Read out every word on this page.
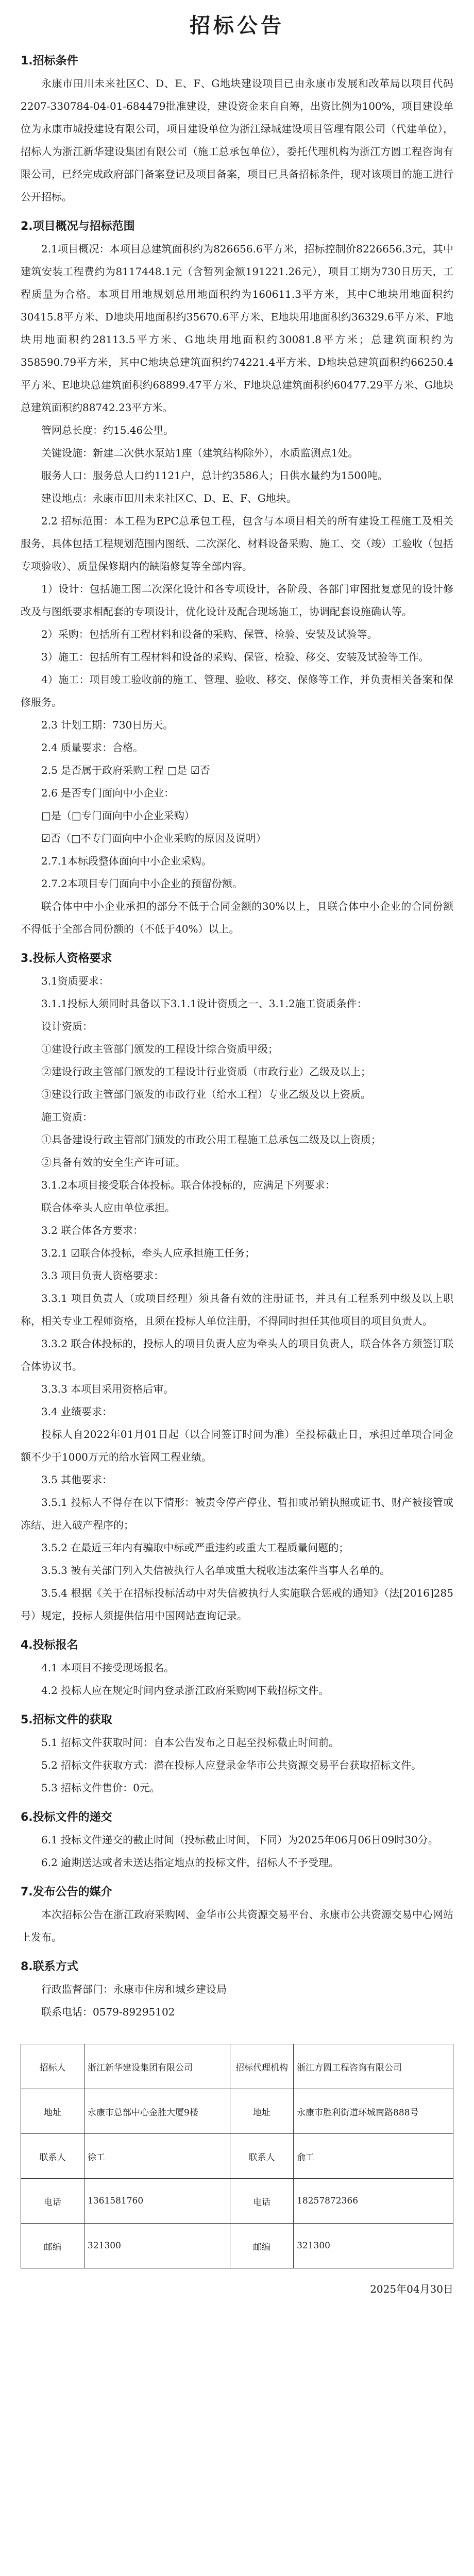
招标公告
1.招标条件

永康市田川未来社区C、D、E、F、G地块建设项目已由永康市发展和改革局以项目代码2207-330784-04-01-684479批准建设，建设资金来自自筹，出资比例为100%，项目建设单位为永康市城投建设有限公司，项目建设单位为浙江绿城建设项目管理有限公司（代建单位），招标人为浙江新华建设集团有限公司（施工总承包单位），委托代理机构为浙江方圆工程咨询有限公司，已经完成政府部门备案登记及项目备案，项目已具备招标条件，现对该项目的施工进行公开招标。

2.项目概况与招标范围

2.1项目概况：本项目总建筑面积约为826656.6平方米，招标控制价8226656.3元，其中建筑安装工程费约为8117448.1元（含暂列金额191221.26元），项目工期为730日历天，工程质量为合格。本项目用地规划总用地面积约为160611.3平方米，其中C地块用地面积约30415.8平方米、D地块用地面积约35670.6平方米、E地块用地面积约36329.6平方米、F地块用地面积约28113.5平方米、G地块用地面积约30081.8平方米；总建筑面积约为358590.79平方米，其中C地块总建筑面积约74221.4平方米、D地块总建筑面积约66250.4平方米、E地块总建筑面积约68899.47平方米、F地块总建筑面积约60477.29平方米、G地块总建筑面积约88742.23平方米。

管网总长度：约15.46公里。

关键设施：新建二次供水泵站1座（建筑结构除外），水质监测点1处。

服务人口：服务总人口约1121户，总计约3586人；日供水量约为1500吨。

建设地点：永康市田川未来社区C、D、E、F、G地块。

2.2 招标范围：本工程为EPC总承包工程，包含与本项目相关的所有建设工程施工及相关服务，具体包括工程规划范围内图纸、二次深化、材料设备采购、施工、交（竣）工验收（包括专项验收）、质量保修期内的缺陷修复等全部内容。

1）设计：包括施工图二次深化设计和各专项设计，各阶段、各部门审图批复意见的设计修改及与图纸要求相配套的专项设计，优化设计及配合现场施工，协调配套设施确认等。

2）采购：包括所有工程材料和设备的采购、保管、检验、安装及试验等。

3）施工：包括所有工程材料和设备的采购、保管、检验、移交、安装及试验等工作。

4）施工：项目竣工验收前的施工、管理、验收、移交、保修等工作，并负责相关备案和保修服务。

2.3 计划工期：730日历天。

2.4 质量要求：合格。

2.5 是否属于政府采购工程 □是 ☑否

2.6 是否专门面向中小企业：

□是（□专门面向中小企业采购）

☑否（□不专门面向中小企业采购的原因及说明）

2.7.1本标段整体面向中小企业采购。

2.7.2本项目专门面向中小企业的预留份额。

联合体中中小企业承担的部分不低于合同金额的30%以上，且联合体中小企业的合同份额不得低于全部合同份额的（不低于40%）以上。

3.投标人资格要求

3.1资质要求：

3.1.1投标人须同时具备以下3.1.1设计资质之一、3.1.2施工资质条件：

设计资质：

①建设行政主管部门颁发的工程设计综合资质甲级；

②建设行政主管部门颁发的工程设计行业资质（市政行业）乙级及以上；

③建设行政主管部门颁发的市政行业（给水工程）专业乙级及以上资质。

施工资质：

①具备建设行政主管部门颁发的市政公用工程施工总承包二级及以上资质；

②具备有效的安全生产许可证。

3.1.2本项目接受联合体投标。联合体投标的，应满足下列要求：

联合体牵头人应由单位承担。

3.2 联合体各方要求：

3.2.1 ☑联合体投标，牵头人应承担施工任务；

3.3 项目负责人资格要求：

3.3.1 项目负责人（或项目经理）须具备有效的注册证书，并具有工程系列中级及以上职称，相关专业工程师资格，且须在投标人单位注册，不得同时担任其他项目的项目负责人。

3.3.2 联合体投标的，投标人的项目负责人应为牵头人的项目负责人，联合体各方须签订联合体协议书。

3.3.3 本项目采用资格后审。

3.4 业绩要求：

投标人自2022年01月01日起（以合同签订时间为准）至投标截止日，承担过单项合同金额不少于1000万元的给水管网工程业绩。

3.5 其他要求：

3.5.1 投标人不得存在以下情形：被责令停产停业、暂扣或吊销执照或证书、财产被接管或冻结、进入破产程序的；

3.5.2 在最近三年内有骗取中标或严重违约或重大工程质量问题的；

3.5.3 被有关部门列入失信被执行人名单或重大税收违法案件当事人名单的。

3.5.4 根据《关于在招标投标活动中对失信被执行人实施联合惩戒的通知》（法[2016]285号）规定，投标人须提供信用中国网站查询记录。

4.投标报名

4.1 本项目不接受现场报名。

4.2 投标人应在规定时间内登录浙江政府采购网下载招标文件。

5.招标文件的获取

5.1 招标文件获取时间：自本公告发布之日起至投标截止时间前。

5.2 招标文件获取方式：潜在投标人应登录金华市公共资源交易平台获取招标文件。

5.3 招标文件售价：0元。

6.投标文件的递交

6.1 投标文件递交的截止时间（投标截止时间，下同）为2025年06月06日09时30分。

6.2 逾期送达或者未送达指定地点的投标文件，招标人不予受理。

7.发布公告的媒介

本次招标公告在浙江政府采购网、金华市公共资源交易平台、永康市公共资源交易中心网站上发布。

8.联系方式

行政监督部门：永康市住房和城乡建设局

联系电话：0579-89295102

招标人	浙江新华建设集团有限公司	招标代理机构	浙江方圆工程咨询有限公司
地址	永康市总部中心金胜大厦9楼	地址	永康市胜利街道环城南路888号
联系人	徐工	联系人	俞工
电话	1361581760	电话	18257872366
邮编	321300	邮编	321300
2025年04月30日
